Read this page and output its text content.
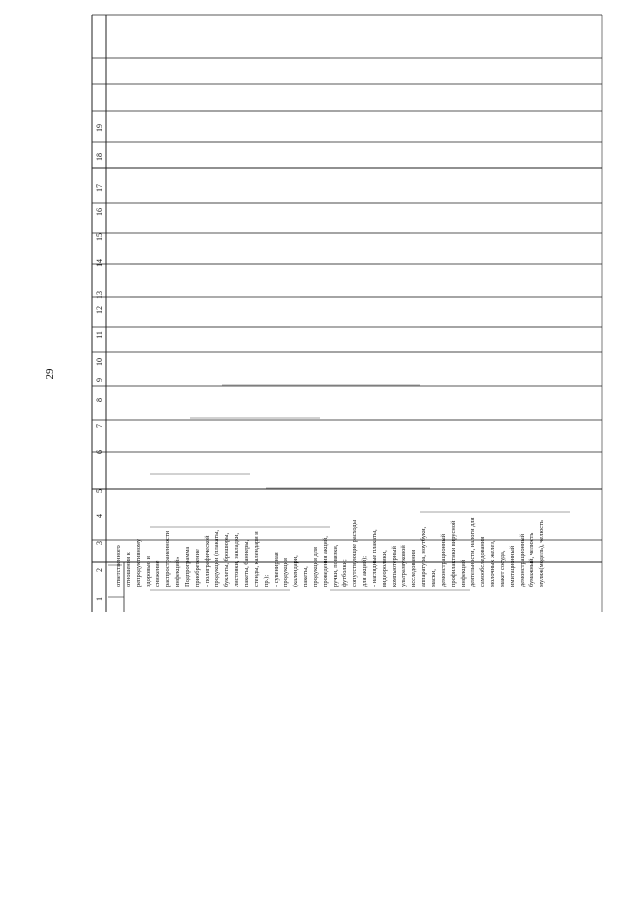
29
1
2
3
4
5
6
7
8
9
10
11
12
13
14
15
16
17
18
19
ответственного отношения к репродуктивному здоровью и снижение распространенности инфекций» Подпрограмма приобретение - полиграфической продукции (плакаты, буклеты, брошюры, листовки, закладки, пакеты, баннеры, стенды, календари и пр.); - сувенирная продукция (календари, пакеты, продукция для проведения акций, ручки, повязки, футболки; сопутствующие расходы для акций); - наглядные плакаты, видеоролики, компьютерный ультразвуковой исследования аппаратура, ноутбуки, маски, демонстрационный профилактики вирусной инфекций деятельности, налоги для самообследования молочных желез, макет сосуда, имитационный демонстрационный бумажный, челюсть муляж(модель), челюсть
